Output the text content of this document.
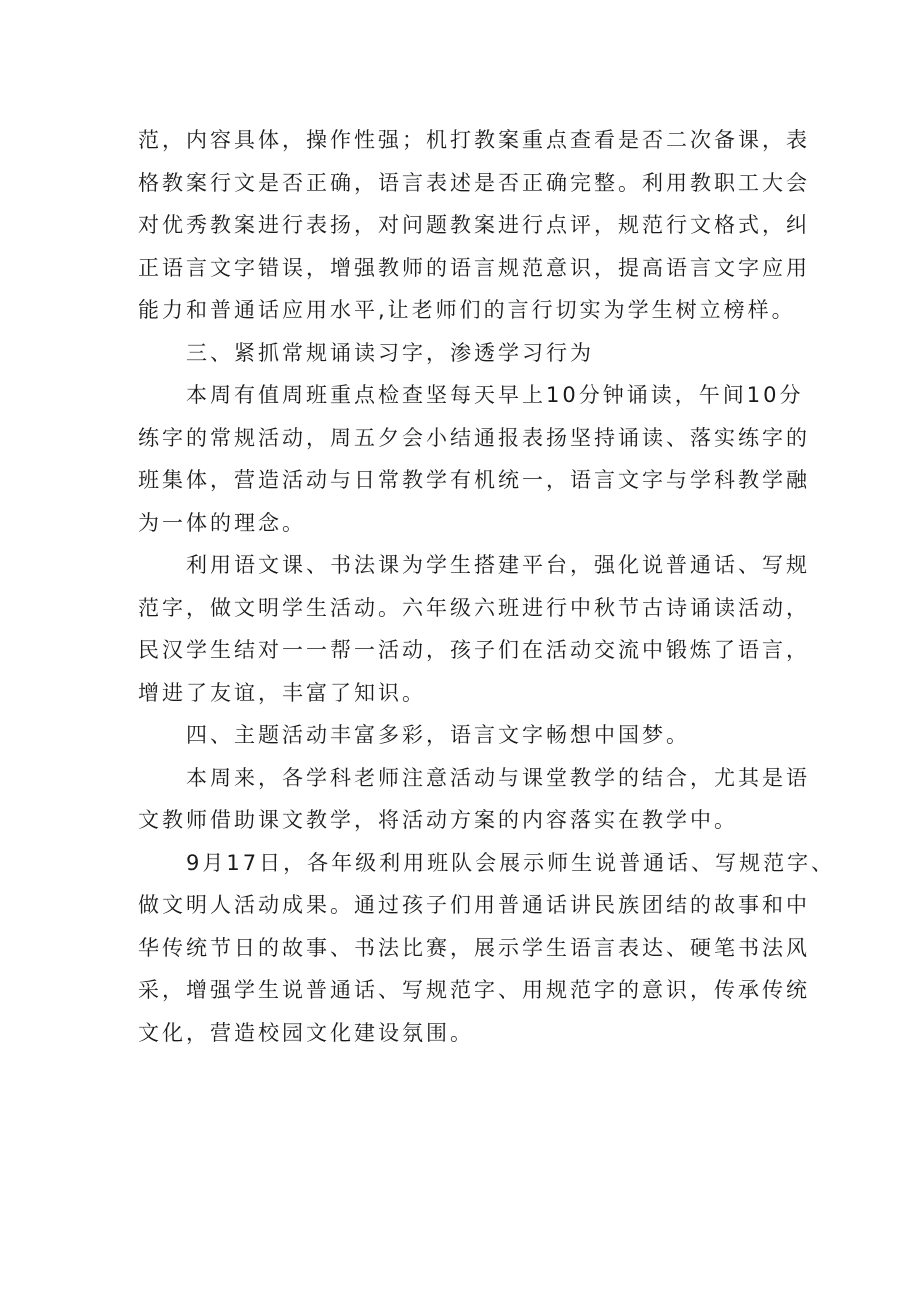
范，内容具体，操作性强；机打教案重点查看是否二次备课，表
格教案行文是否正确，语言表述是否正确完整。利用教职工大会
对优秀教案进行表扬，对问题教案进行点评，规范行文格式，纠
正语言文字错误，增强教师的语言规范意识，提高语言文字应用
能力和普通话应用水平,让老师们的言行切实为学生树立榜样。
三、紧抓常规诵读习字，渗透学习行为
本周有值周班重点检查坚每天早上10分钟诵读，午间10分
练字的常规活动，周五夕会小结通报表扬坚持诵读、落实练字的
班集体，营造活动与日常教学有机统一，语言文字与学科教学融
为一体的理念。
利用语文课、书法课为学生搭建平台，强化说普通话、写规
范字，做文明学生活动。六年级六班进行中秋节古诗诵读活动，
民汉学生结对一一帮一活动，孩子们在活动交流中锻炼了语言，
增进了友谊，丰富了知识。
四、主题活动丰富多彩，语言文字畅想中国梦。
本周来，各学科老师注意活动与课堂教学的结合，尤其是语
文教师借助课文教学，将活动方案的内容落实在教学中。
9月17日，各年级利用班队会展示师生说普通话、写规范字、
做文明人活动成果。通过孩子们用普通话讲民族团结的故事和中
华传统节日的故事、书法比赛，展示学生语言表达、硬笔书法风
采，增强学生说普通话、写规范字、用规范字的意识，传承传统
文化，营造校园文化建设氛围。
